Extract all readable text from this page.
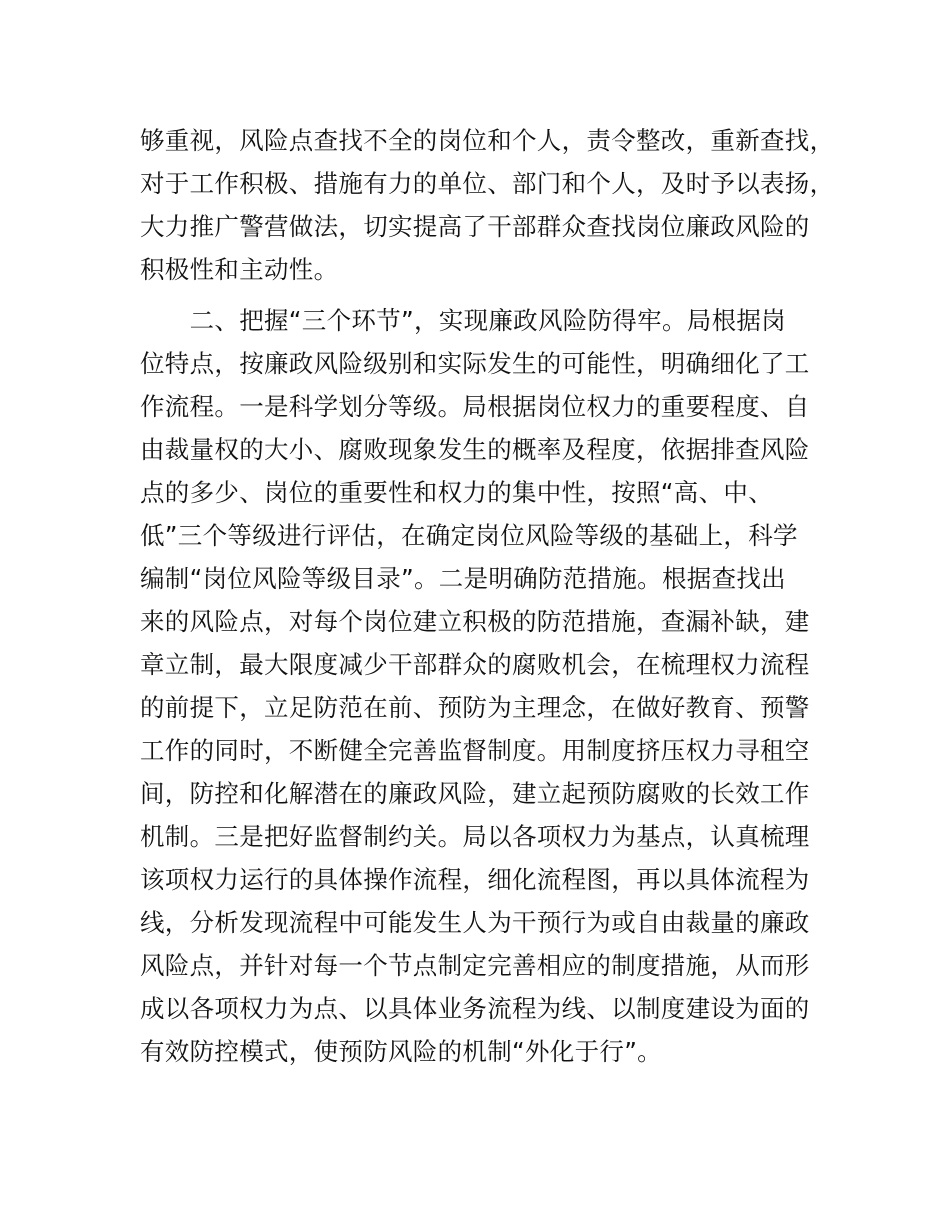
够重视，风险点查找不全的岗位和个人，责令整改，重新查找，
对于工作积极、措施有力的单位、部门和个人，及时予以表扬，
大力推广警营做法，切实提高了干部群众查找岗位廉政风险的
积极性和主动性。
　　二、把握“三个环节”，实现廉政风险防得牢。局根据岗
位特点，按廉政风险级别和实际发生的可能性，明确细化了工
作流程。一是科学划分等级。局根据岗位权力的重要程度、自
由裁量权的大小、腐败现象发生的概率及程度，依据排查风险
点的多少、岗位的重要性和权力的集中性，按照“高、中、
低”三个等级进行评估，在确定岗位风险等级的基础上，科学
编制“岗位风险等级目录”。二是明确防范措施。根据查找出
来的风险点，对每个岗位建立积极的防范措施，查漏补缺，建
章立制，最大限度减少干部群众的腐败机会，在梳理权力流程
的前提下，立足防范在前、预防为主理念，在做好教育、预警
工作的同时，不断健全完善监督制度。用制度挤压权力寻租空
间，防控和化解潜在的廉政风险，建立起预防腐败的长效工作
机制。三是把好监督制约关。局以各项权力为基点，认真梳理
该项权力运行的具体操作流程，细化流程图，再以具体流程为
线，分析发现流程中可能发生人为干预行为或自由裁量的廉政
风险点，并针对每一个节点制定完善相应的制度措施，从而形
成以各项权力为点、以具体业务流程为线、以制度建设为面的
有效防控模式，使预防风险的机制“外化于行”。
